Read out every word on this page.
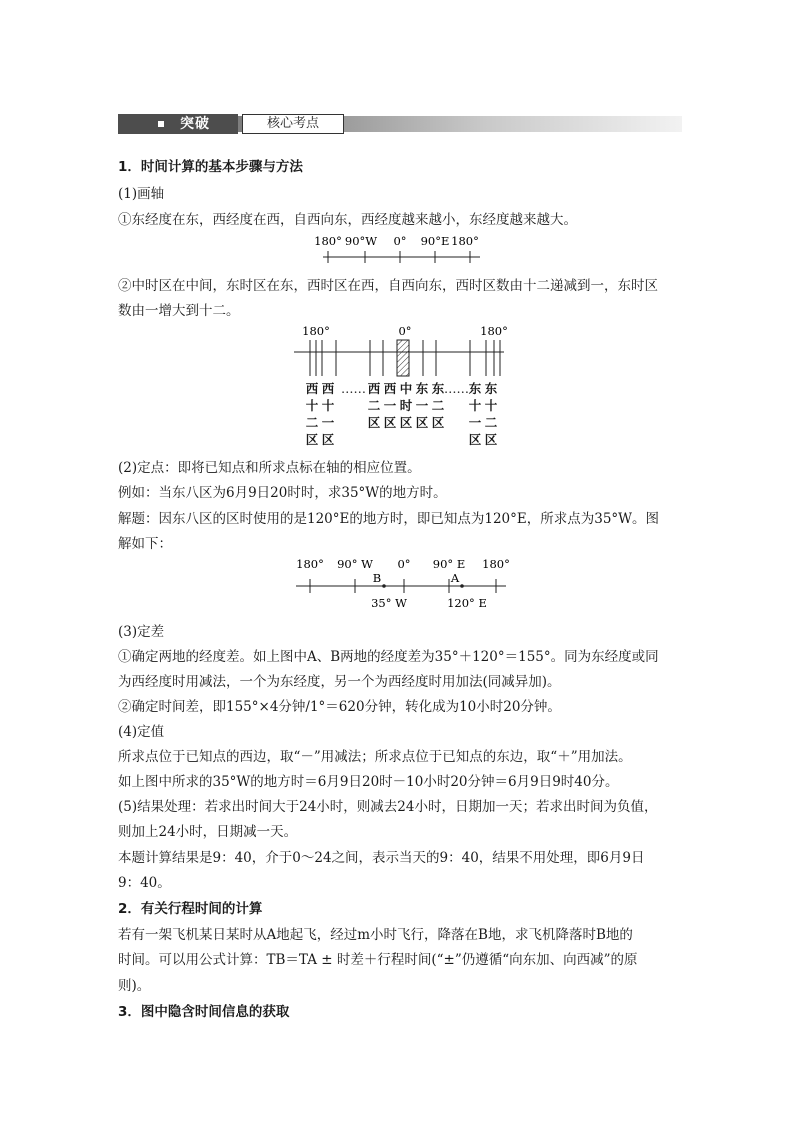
突破	核心考点
1．时间计算的基本步骤与方法
(1)画轴
①东经度在东，西经度在西，自西向东，西经度越来越小，东经度越来越大。
180° 90°W 0° 90°E 180°
②中时区在中间，东时区在东，西时区在西，自西向东，西时区数由十二递减到一，东时区
数由一增大到十二。
180°	0°	180°
西
十
二
区
西
十
一
区
…… 西
二
区
西
一
区
中
时
区
东
一
区
东
二
区
…… 东
十
一
区
东
十
二
区
(2)定点：即将已知点和所求点标在轴的相应位置。
例如：当东八区为6月9日20时时，求35°W的地方时。
解题：因东八区的区时使用的是120°E的地方时，即已知点为120°E，所求点为35°W。图
解如下：
180° 90° W 0° 90° E 180°
B	A
35° W	120° E
(3)定差
①确定两地的经度差。如上图中A、B两地的经度差为35°＋120°＝155°。同为东经度或同
为西经度时用减法，一个为东经度，另一个为西经度时用加法(同减异加)。
②确定时间差，即155°×4分钟/1°＝620分钟，转化成为10小时20分钟。
(4)定值
所求点位于已知点的西边，取“－”用减法；所求点位于已知点的东边，取“＋”用加法。
如上图中所求的35°W的地方时＝6月9日20时－10小时20分钟＝6月9日9时40分。
(5)结果处理：若求出时间大于24小时，则减去24小时，日期加一天；若求出时间为负值，
则加上24小时，日期减一天。
本题计算结果是9：40，介于0～24之间，表示当天的9：40，结果不用处理，即6月9日
9：40。
2．有关行程时间的计算
若有一架飞机某日某时从A地起飞，经过m小时飞行，降落在B地，求飞机降落时B地的
时间。可以用公式计算：TB＝TA ± 时差＋行程时间(“±”仍遵循“向东加、向西减”的原
则)。
3．图中隐含时间信息的获取
